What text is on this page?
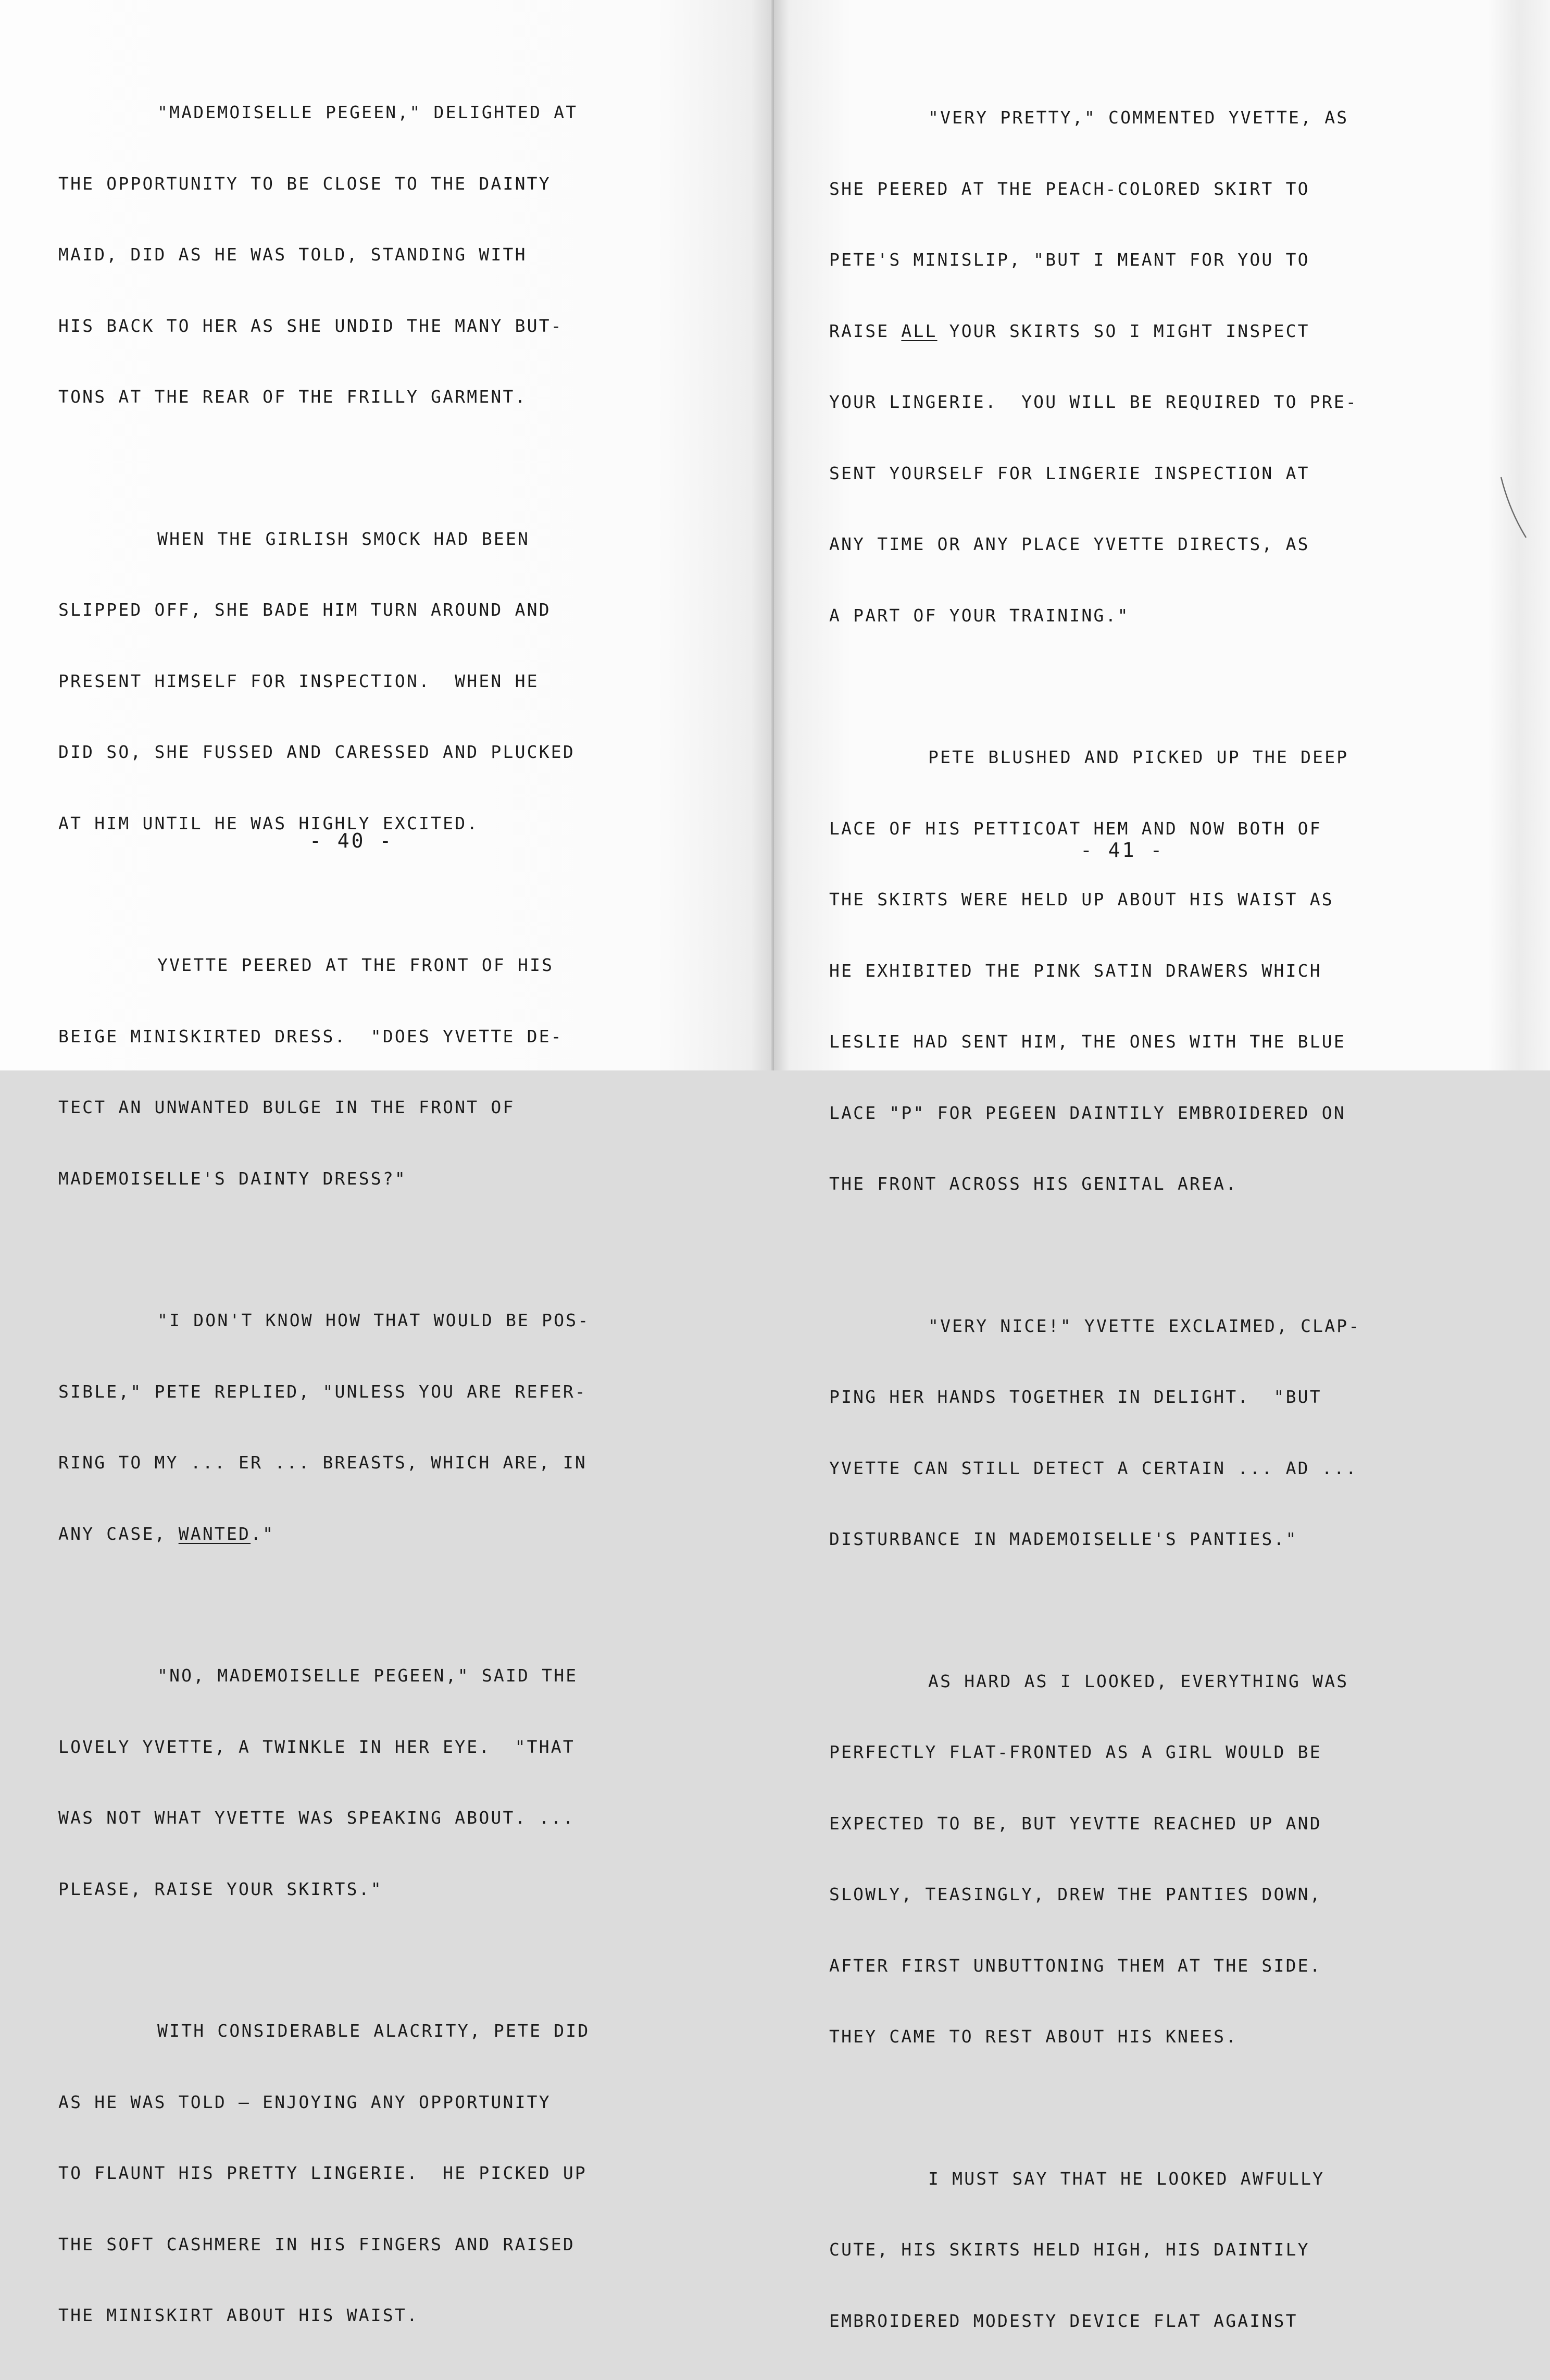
"MADEMOISELLE PEGEEN," DELIGHTED AT

THE OPPORTUNITY TO BE CLOSE TO THE DAINTY

MAID, DID AS HE WAS TOLD, STANDING WITH

HIS BACK TO HER AS SHE UNDID THE MANY BUT-

TONS AT THE REAR OF THE FRILLY GARMENT.

WHEN THE GIRLISH SMOCK HAD BEEN

SLIPPED OFF, SHE BADE HIM TURN AROUND AND

PRESENT HIMSELF FOR INSPECTION.  WHEN HE

DID SO, SHE FUSSED AND CARESSED AND PLUCKED

AT HIM UNTIL HE WAS HIGHLY EXCITED.

YVETTE PEERED AT THE FRONT OF HIS

BEIGE MINISKIRTED DRESS.  "DOES YVETTE DE-

TECT AN UNWANTED BULGE IN THE FRONT OF

MADEMOISELLE'S DAINTY DRESS?"

"I DON'T KNOW HOW THAT WOULD BE POS-

SIBLE," PETE REPLIED, "UNLESS YOU ARE REFER-

RING TO MY ... ER ... BREASTS, WHICH ARE, IN

ANY CASE, WANTED."

"NO, MADEMOISELLE PEGEEN," SAID THE

LOVELY YVETTE, A TWINKLE IN HER EYE.  "THAT

WAS NOT WHAT YVETTE WAS SPEAKING ABOUT. ...

PLEASE, RAISE YOUR SKIRTS."

WITH CONSIDERABLE ALACRITY, PETE DID

AS HE WAS TOLD — ENJOYING ANY OPPORTUNITY

TO FLAUNT HIS PRETTY LINGERIE.  HE PICKED UP

THE SOFT CASHMERE IN HIS FINGERS AND RAISED

THE MINISKIRT ABOUT HIS WAIST.

- 40 -

"VERY PRETTY," COMMENTED YVETTE, AS

SHE PEERED AT THE PEACH-COLORED SKIRT TO

PETE'S MINISLIP, "BUT I MEANT FOR YOU TO

RAISE ALL YOUR SKIRTS SO I MIGHT INSPECT

YOUR LINGERIE.  YOU WILL BE REQUIRED TO PRE-

SENT YOURSELF FOR LINGERIE INSPECTION AT

ANY TIME OR ANY PLACE YVETTE DIRECTS, AS

A PART OF YOUR TRAINING."

PETE BLUSHED AND PICKED UP THE DEEP

LACE OF HIS PETTICOAT HEM AND NOW BOTH OF

THE SKIRTS WERE HELD UP ABOUT HIS WAIST AS

HE EXHIBITED THE PINK SATIN DRAWERS WHICH

LESLIE HAD SENT HIM, THE ONES WITH THE BLUE

LACE "P" FOR PEGEEN DAINTILY EMBROIDERED ON

THE FRONT ACROSS HIS GENITAL AREA.

"VERY NICE!" YVETTE EXCLAIMED, CLAP-

PING HER HANDS TOGETHER IN DELIGHT.  "BUT

YVETTE CAN STILL DETECT A CERTAIN ... AD ...

DISTURBANCE IN MADEMOISELLE'S PANTIES."

AS HARD AS I LOOKED, EVERYTHING WAS

PERFECTLY FLAT-FRONTED AS A GIRL WOULD BE

EXPECTED TO BE, BUT YEVTTE REACHED UP AND

SLOWLY, TEASINGLY, DREW THE PANTIES DOWN,

AFTER FIRST UNBUTTONING THEM AT THE SIDE.

THEY CAME TO REST ABOUT HIS KNEES.

I MUST SAY THAT HE LOOKED AWFULLY

CUTE, HIS SKIRTS HELD HIGH, HIS DAINTILY

EMBROIDERED MODESTY DEVICE FLAT AGAINST

- 41 -
